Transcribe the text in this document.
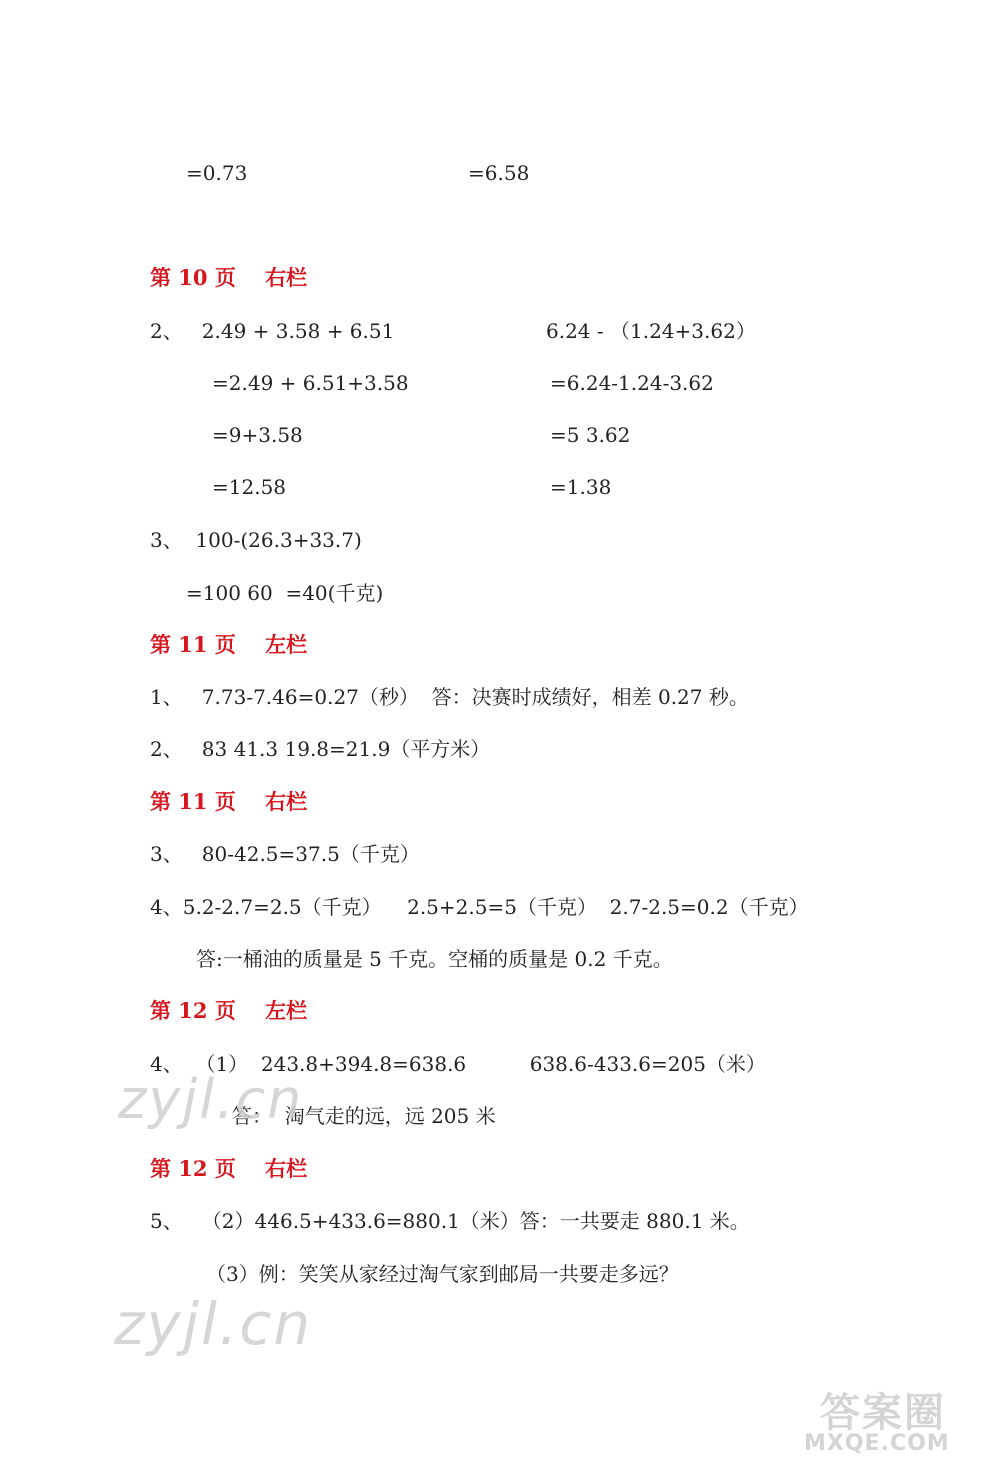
=0.73	=6.58
第 10 页    右栏
2、   2.49 + 3.58 + 6.51
=2.49 + 6.51+3.58
=9+3.58
=12.58
6.24 - （1.24+3.62）
=6.24-1.24-3.62
=5 3.62
=1.38
3、  100-(26.3+33.7)
=100 60  =40(千克)
第 11 页    左栏
1、   7.73-7.46=0.27（秒）  答：决赛时成绩好，相差 0.27 秒。
2、   83 41.3 19.8=21.9（平方米）
第 11 页    右栏
3、   80-42.5=37.5（千克）
4、5.2-2.7=2.5（千克）    2.5+2.5=5（千克）  2.7-2.5=0.2（千克）
答:一桶油的质量是 5 千克。空桶的质量是 0.2 千克。
第 12 页    左栏
4、  （1）  243.8+394.8=638.6          638.6-433.6=205（米）
答：  淘气走的远，远 205 米
第 12 页    右栏
5、   （2）446.5+433.6=880.1（米）答：一共要走 880.1 米。
（3）例：笑笑从家经过淘气家到邮局一共要走多远？
zyjl.cn
zyjl.cn
答案圈
MXQE.COM
